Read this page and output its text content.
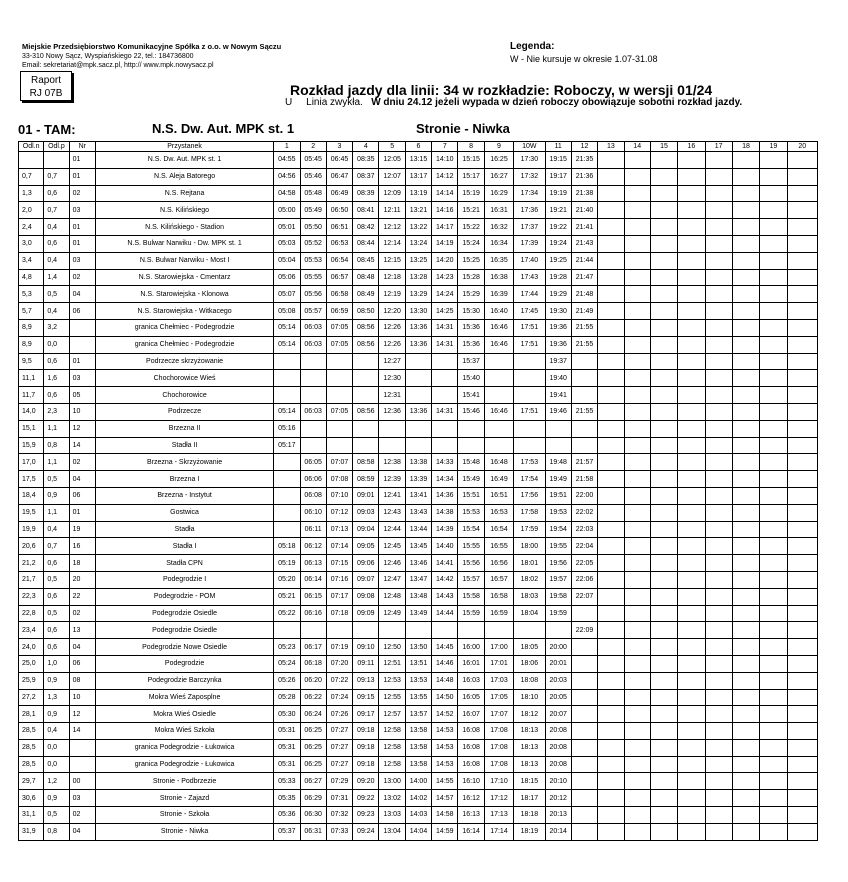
Miejskie Przedsiębiorstwo Komunikacyjne Spółka z o.o. w Nowym Sączu
33-310 Nowy Sącz, Wyspiańskiego 22, tel.: 184736800
Email: sekretariat@mpk.sacz.pl, http:// www.mpk.nowysacz.pl
Raport
RJ 07B
Legenda:
W - Nie kursuje w okresie 1.07-31.08
Rozkład jazdy dla linii: 34 w rozkładzie: Roboczy, w wersji 01/24
U Linia zwykła. W dniu 24.12 jeżeli wypada w dzień roboczy obowiązuje sobotni rozkład jazdy.
01 - TAM:	N.S. Dw. Aut. MPK st. 1	Stronie - Niwka
Odl.n	Odl.p	Nr	Przystanek	1	2	3	4	5	6	7	8	9	10W	11	12	13	14	15	16	17	18	19	20
		01	N.S. Dw. Aut. MPK st. 1	04:55	05:45	06:45	08:35	12:05	13:15	14:10	15:15	16:25	17:30	19:15	21:35								
0,7	0,7	01	N.S. Aleja Batorego	04:56	05:46	06:47	08:37	12:07	13:17	14:12	15:17	16:27	17:32	19:17	21:36								
1,3	0,6	02	N.S. Rejtana	04:58	05:48	06:49	08:39	12:09	13:19	14:14	15:19	16:29	17:34	19:19	21:38								
2,0	0,7	03	N.S. Kilińskiego	05:00	05:49	06:50	08:41	12:11	13:21	14:16	15:21	16:31	17:36	19:21	21:40								
2,4	0,4	01	N.S. Kilińskiego - Stadion	05:01	05:50	06:51	08:42	12:12	13:22	14:17	15:22	16:32	17:37	19:22	21:41								
3,0	0,6	01	N.S. Bulwar Narwiku - Dw. MPK st. 1	05:03	05:52	06:53	08:44	12:14	13:24	14:19	15:24	16:34	17:39	19:24	21:43								
3,4	0,4	03	N.S. Bulwar Narwiku - Most I	05:04	05:53	06:54	08:45	12:15	13:25	14:20	15:25	16:35	17:40	19:25	21:44								
4,8	1,4	02	N.S. Starowiejska - Cmentarz	05:06	05:55	06:57	08:48	12:18	13:28	14:23	15:28	16:38	17:43	19:28	21:47								
5,3	0,5	04	N.S. Starowiejska - Klonowa	05:07	05:56	06:58	08:49	12:19	13:29	14:24	15:29	16:39	17:44	19:29	21:48								
5,7	0,4	06	N.S. Starowiejska - Witkacego	05:08	05:57	06:59	08:50	12:20	13:30	14:25	15:30	16:40	17:45	19:30	21:49								
8,9	3,2		granica Chełmiec - Podegrodzie	05:14	06:03	07:05	08:56	12:26	13:36	14:31	15:36	16:46	17:51	19:36	21:55								
8,9	0,0		granica Chełmiec - Podegrodzie	05:14	06:03	07:05	08:56	12:26	13:36	14:31	15:36	16:46	17:51	19:36	21:55								
9,5	0,6	01	Podrzecze skrzyżowanie					12:27			15:37			19:37									
11,1	1,6	03	Chochorowice Wieś					12:30			15:40			19:40									
11,7	0,6	05	Chochorowice					12:31			15:41			19:41									
14,0	2,3	10	Podrzecze	05:14	06:03	07:05	08:56	12:36	13:36	14:31	15:46	16:46	17:51	19:46	21:55								
15,1	1,1	12	Brzezna II	05:16																			
15,9	0,8	14	Stadła II	05:17																			
17,0	1,1	02	Brzezna - Skrzyżowanie		06:05	07:07	08:58	12:38	13:38	14:33	15:48	16:48	17:53	19:48	21:57								
17,5	0,5	04	Brzezna I		06:06	07:08	08:59	12:39	13:39	14:34	15:49	16:49	17:54	19:49	21:58								
18,4	0,9	06	Brzezna - Instytut		06:08	07:10	09:01	12:41	13:41	14:36	15:51	16:51	17:56	19:51	22:00								
19,5	1,1	01	Gostwica		06:10	07:12	09:03	12:43	13:43	14:38	15:53	16:53	17:58	19:53	22:02								
19,9	0,4	19	Stadła		06:11	07:13	09:04	12:44	13:44	14:39	15:54	16:54	17:59	19:54	22:03								
20,6	0,7	16	Stadła I	05:18	06:12	07:14	09:05	12:45	13:45	14:40	15:55	16:55	18:00	19:55	22:04								
21,2	0,6	18	Stadła CPN	05:19	06:13	07:15	09:06	12:46	13:46	14:41	15:56	16:56	18:01	19:56	22:05								
21,7	0,5	20	Podegrodzie I	05:20	06:14	07:16	09:07	12:47	13:47	14:42	15:57	16:57	18:02	19:57	22:06								
22,3	0,6	22	Podegrodzie - POM	05:21	06:15	07:17	09:08	12:48	13:48	14:43	15:58	16:58	18:03	19:58	22:07								
22,8	0,5	02	Podegrodzie Osiedle	05:22	06:16	07:18	09:09	12:49	13:49	14:44	15:59	16:59	18:04	19:59									
23,4	0,6	13	Podegrodzie Osiedle												22:09								
24,0	0,6	04	Podegrodzie Nowe Osiedle	05:23	06:17	07:19	09:10	12:50	13:50	14:45	16:00	17:00	18:05	20:00									
25,0	1,0	06	Podegrodzie	05:24	06:18	07:20	09:11	12:51	13:51	14:46	16:01	17:01	18:06	20:01									
25,9	0,9	08	Podegrodzie Barczynka	05:26	06:20	07:22	09:13	12:53	13:53	14:48	16:03	17:03	18:08	20:03									
27,2	1,3	10	Mokra Wieś Zaposplne	05:28	06:22	07:24	09:15	12:55	13:55	14:50	16:05	17:05	18:10	20:05									
28,1	0,9	12	Mokra Wieś Osiedle	05:30	06:24	07:26	09:17	12:57	13:57	14:52	16:07	17:07	18:12	20:07									
28,5	0,4	14	Mokra Wieś Szkoła	05:31	06:25	07:27	09:18	12:58	13:58	14:53	16:08	17:08	18:13	20:08									
28,5	0,0		granica Podegrodzie - Łukowica	05:31	06:25	07:27	09:18	12:58	13:58	14:53	16:08	17:08	18:13	20:08									
28,5	0,0		granica Podegrodzie - Łukowica	05:31	06:25	07:27	09:18	12:58	13:58	14:53	16:08	17:08	18:13	20:08									
29,7	1,2	00	Stronie - Podbrzezie	05:33	06:27	07:29	09:20	13:00	14:00	14:55	16:10	17:10	18:15	20:10									
30,6	0,9	03	Stronie - Zajazd	05:35	06:29	07:31	09:22	13:02	14:02	14:57	16:12	17:12	18:17	20:12									
31,1	0,5	02	Stronie - Szkoła	05:36	06:30	07:32	09:23	13:03	14:03	14:58	16:13	17:13	18:18	20:13									
31,9	0,8	04	Stronie - Niwka	05:37	06:31	07:33	09:24	13:04	14:04	14:59	16:14	17:14	18:19	20:14									
